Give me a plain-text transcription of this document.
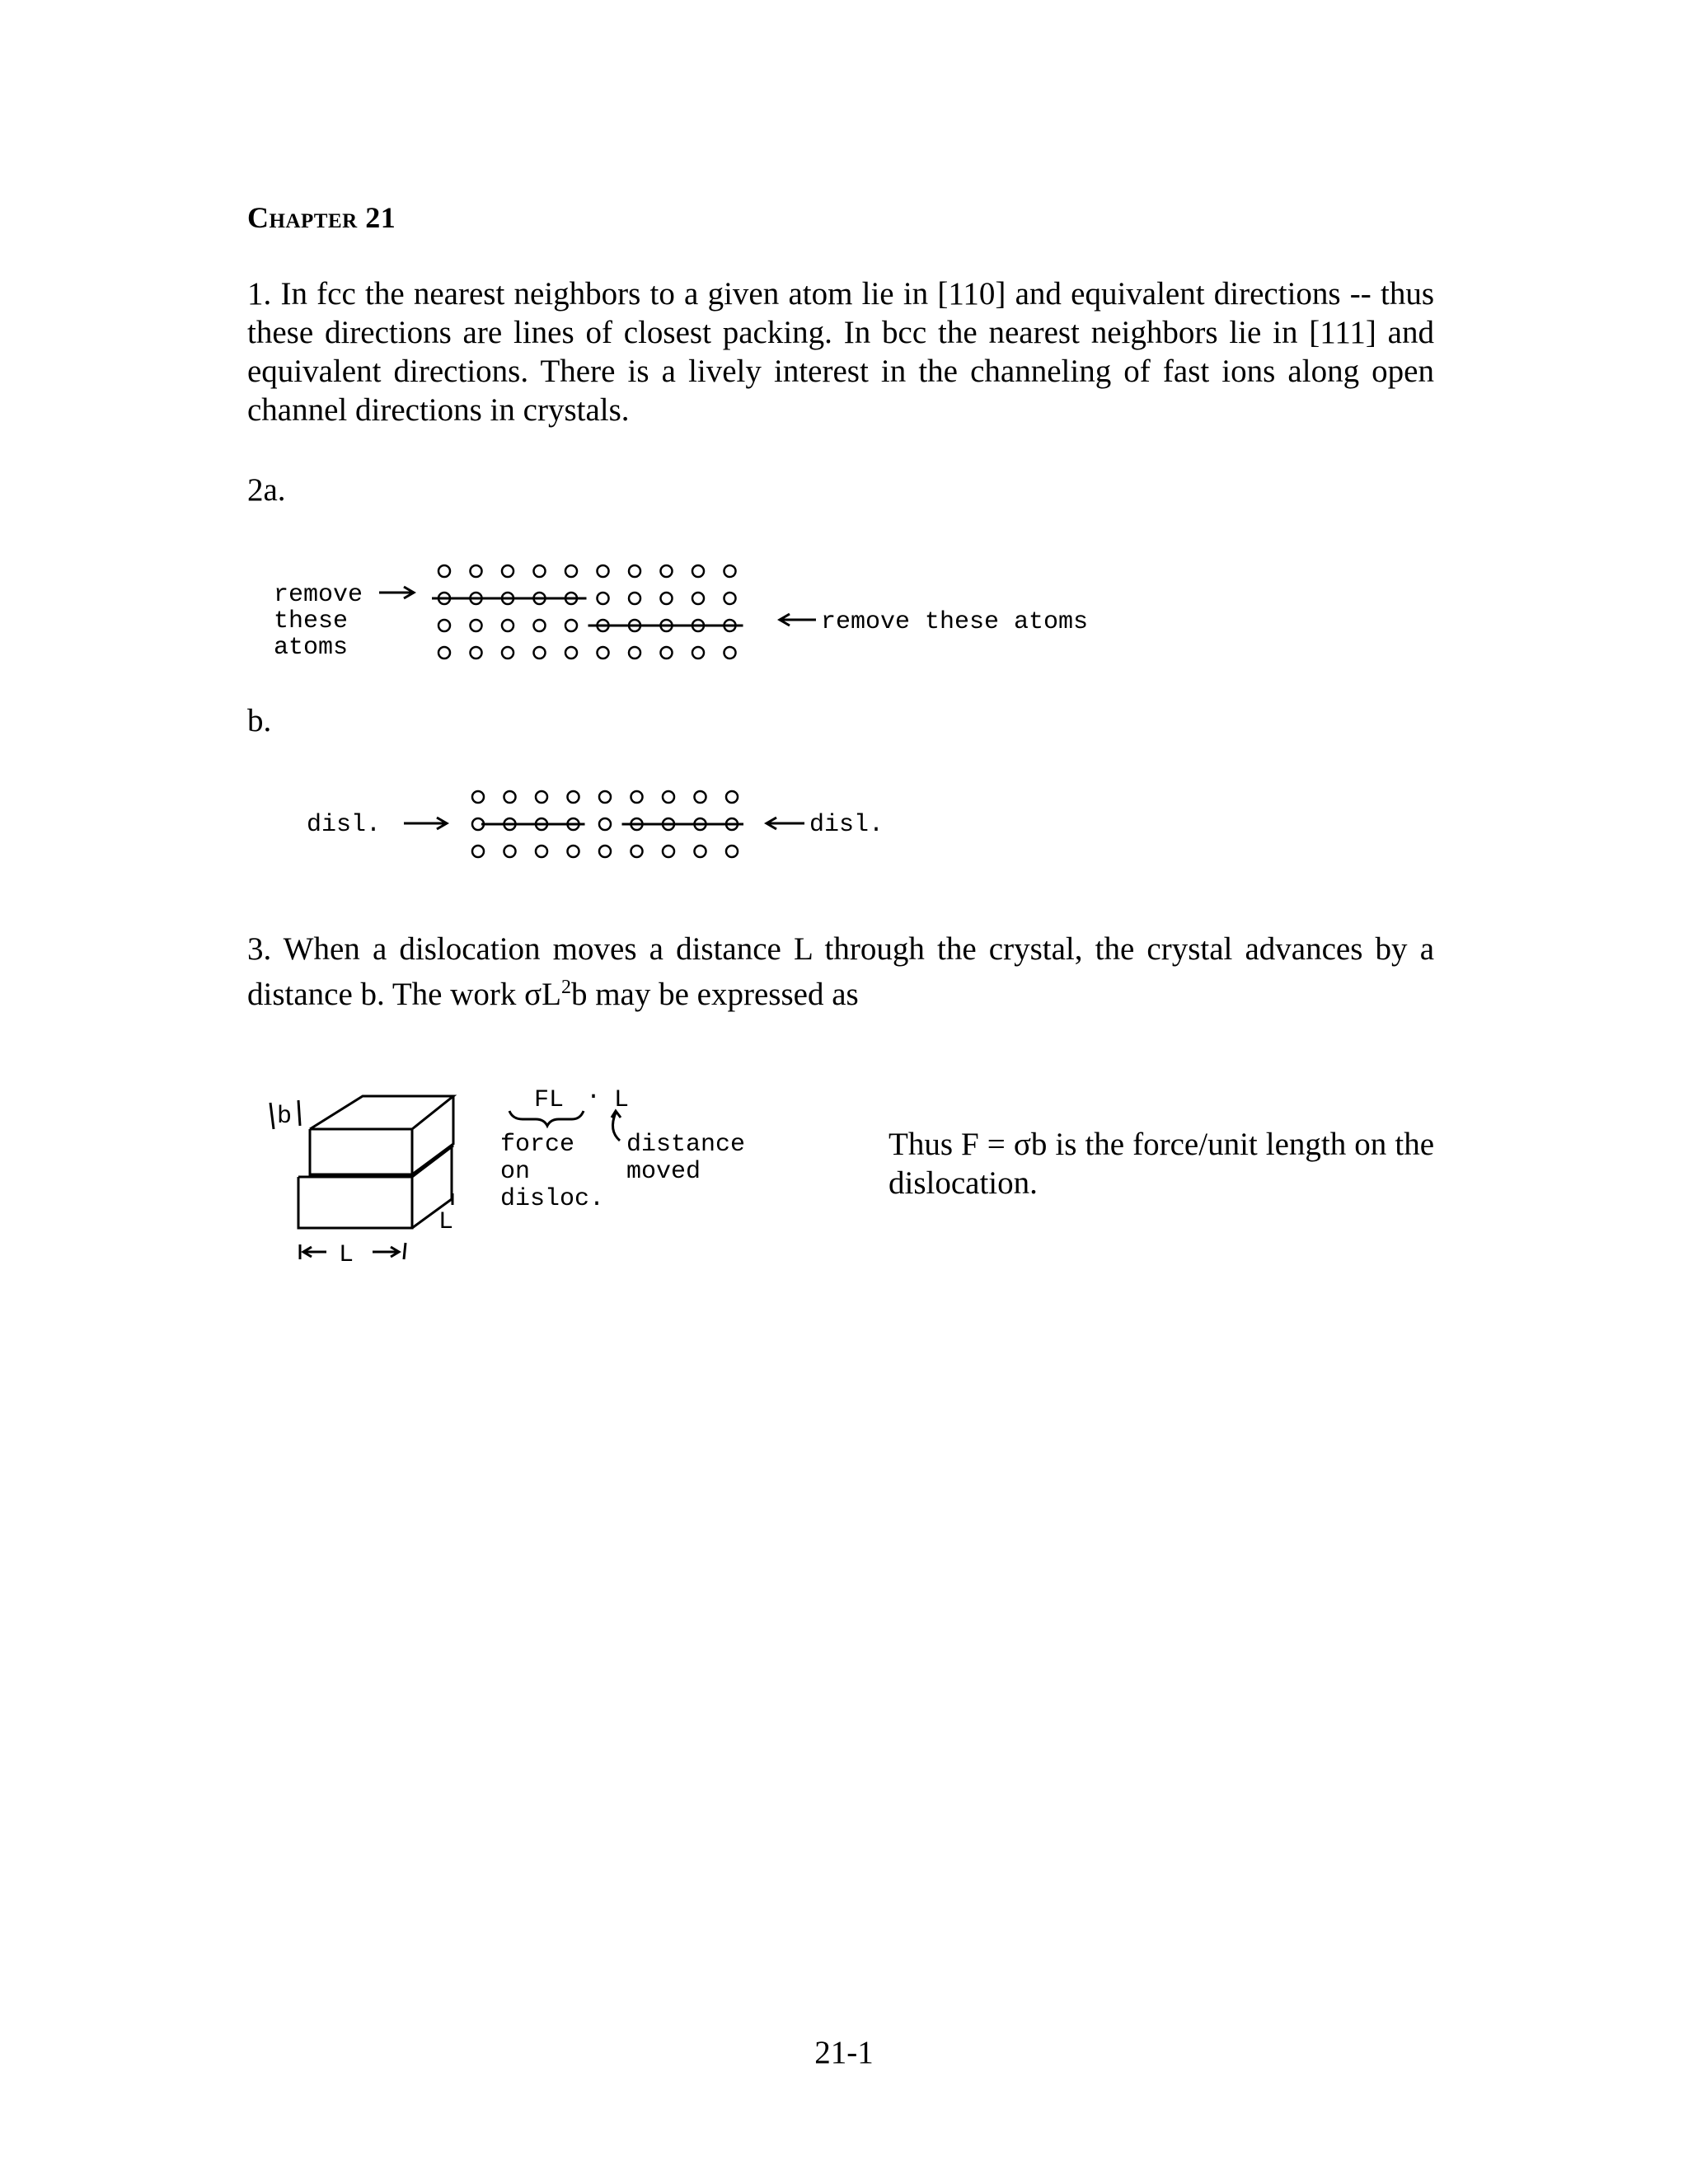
Chapter 21
1. In fcc the nearest neighbors to a given atom lie in [110] and equivalent directions -- thus these directions are lines of closest packing. In bcc the nearest neighbors lie in [111] and equivalent directions. There is a lively interest in the channeling of fast ions along open channel directions in crystals.
2a.
b.
remove
these
atoms
remove these atoms
disl.	disl.
b
L
L
FL · L
force
on
disloc.
distance
moved
3. When a dislocation moves a distance L through the crystal, the crystal advances by a distance b. The work $\sigma L^2b$ may be expressed as
Thus F = σb is the force/unit length on the dislocation.
21-1
